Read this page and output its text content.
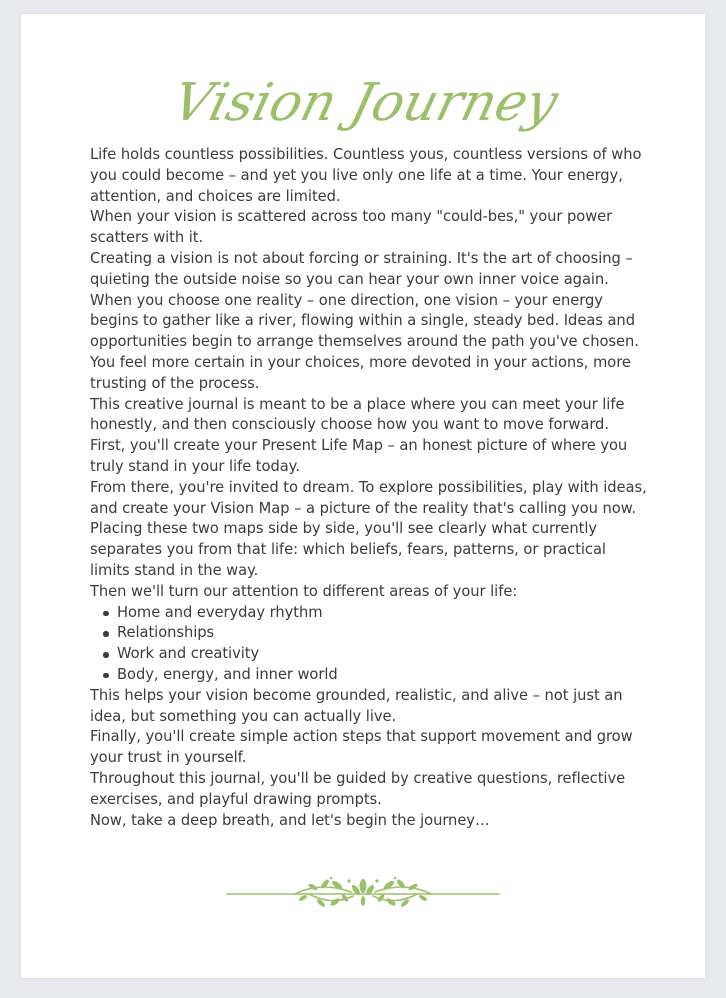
Vision Journey

Life holds countless possibilities. Countless yous, countless versions of who you could become – and yet you live only one life at a time. Your energy, attention, and choices are limited.

When your vision is scattered across too many "could-bes," your power scatters with it.

Creating a vision is not about forcing or straining. It's the art of choosing – quieting the outside noise so you can hear your own inner voice again.

When you choose one reality – one direction, one vision – your energy begins to gather like a river, flowing within a single, steady bed. Ideas and opportunities begin to arrange themselves around the path you've chosen. You feel more certain in your choices, more devoted in your actions, more trusting of the process.

This creative journal is meant to be a place where you can meet your life honestly, and then consciously choose how you want to move forward.

First, you'll create your Present Life Map – an honest picture of where you truly stand in your life today.

From there, you're invited to dream. To explore possibilities, play with ideas, and create your Vision Map – a picture of the reality that's calling you now. Placing these two maps side by side, you'll see clearly what currently separates you from that life: which beliefs, fears, patterns, or practical limits stand in the way.

Then we'll turn our attention to different areas of your life:

Home and everyday rhythm
Relationships
Work and creativity
Body, energy, and inner world

This helps your vision become grounded, realistic, and alive – not just an idea, but something you can actually live.

Finally, you'll create simple action steps that support movement and grow your trust in yourself.

Throughout this journal, you'll be guided by creative questions, reflective exercises, and playful drawing prompts.

Now, take a deep breath, and let's begin the journey…
